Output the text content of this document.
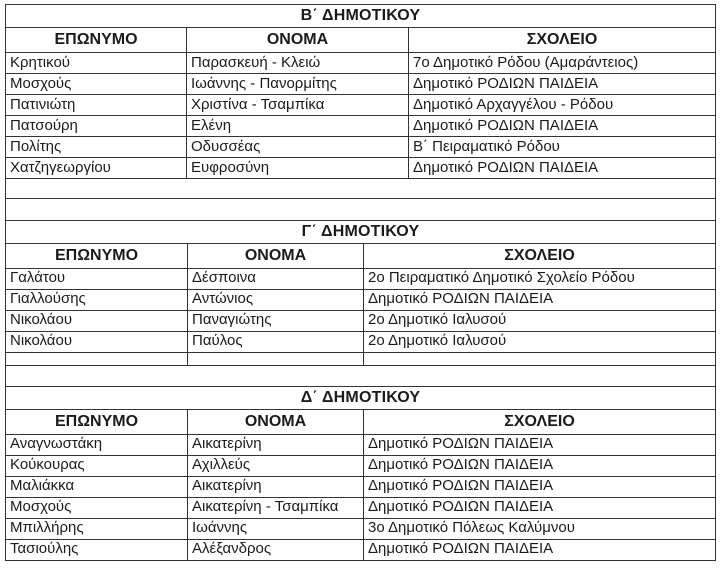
Β΄ ΔΗΜΟΤΙΚΟΥ		
ΕΠΩΝΥΜΟ	ΟΝΟΜΑ	ΣΧΟΛΕΙΟ
Κρητικού	Παρασκευή - Κλειώ	7ο Δημοτικό Ρόδου (Αμαράντειος)
Μοσχούς	Ιωάννης - Πανορμίτης	Δημοτικό ΡΟΔΙΩΝ ΠΑΙΔΕΙΑ
Πατινιώτη	Χριστίνα - Τσαμπίκα	Δημοτικό Αρχαγγέλου - Ρόδου
Πατσούρη	Ελένη	Δημοτικό ΡΟΔΙΩΝ ΠΑΙΔΕΙΑ
Πολίτης	Οδυσσέας	Β΄ Πειραματικό Ρόδου
Χατζηγεωργίου	Ευφροσύνη	Δημοτικό ΡΟΔΙΩΝ ΠΑΙΔΕΙΑ
Γ΄ ΔΗΜΟΤΙΚΟΥ		
ΕΠΩΝΥΜΟ	ΟΝΟΜΑ	ΣΧΟΛΕΙΟ
Γαλάτου	Δέσποινα	2ο Πειραματικό Δημοτικό Σχολείο Ρόδου
Γιαλλούσης	Αντώνιος	Δημοτικό ΡΟΔΙΩΝ ΠΑΙΔΕΙΑ
Νικολάου	Παναγιώτης	2ο Δημοτικό Ιαλυσού
Νικολάου	Παύλος	2ο Δημοτικό Ιαλυσού

Δ΄ ΔΗΜΟΤΙΚΟΥ		
ΕΠΩΝΥΜΟ	ΟΝΟΜΑ	ΣΧΟΛΕΙΟ
Αναγνωστάκη	Αικατερίνη	Δημοτικό ΡΟΔΙΩΝ ΠΑΙΔΕΙΑ
Κούκουρας	Αχιλλεύς	Δημοτικό ΡΟΔΙΩΝ ΠΑΙΔΕΙΑ
Μαλιάκκα	Αικατερίνη	Δημοτικό ΡΟΔΙΩΝ ΠΑΙΔΕΙΑ
Μοσχούς	Αικατερίνη - Τσαμπίκα	Δημοτικό ΡΟΔΙΩΝ ΠΑΙΔΕΙΑ
Μπιλλήρης	Ιωάννης	3ο Δημοτικό Πόλεως Καλύμνου
Τασιούλης	Αλέξανδρος	Δημοτικό ΡΟΔΙΩΝ ΠΑΙΔΕΙΑ
